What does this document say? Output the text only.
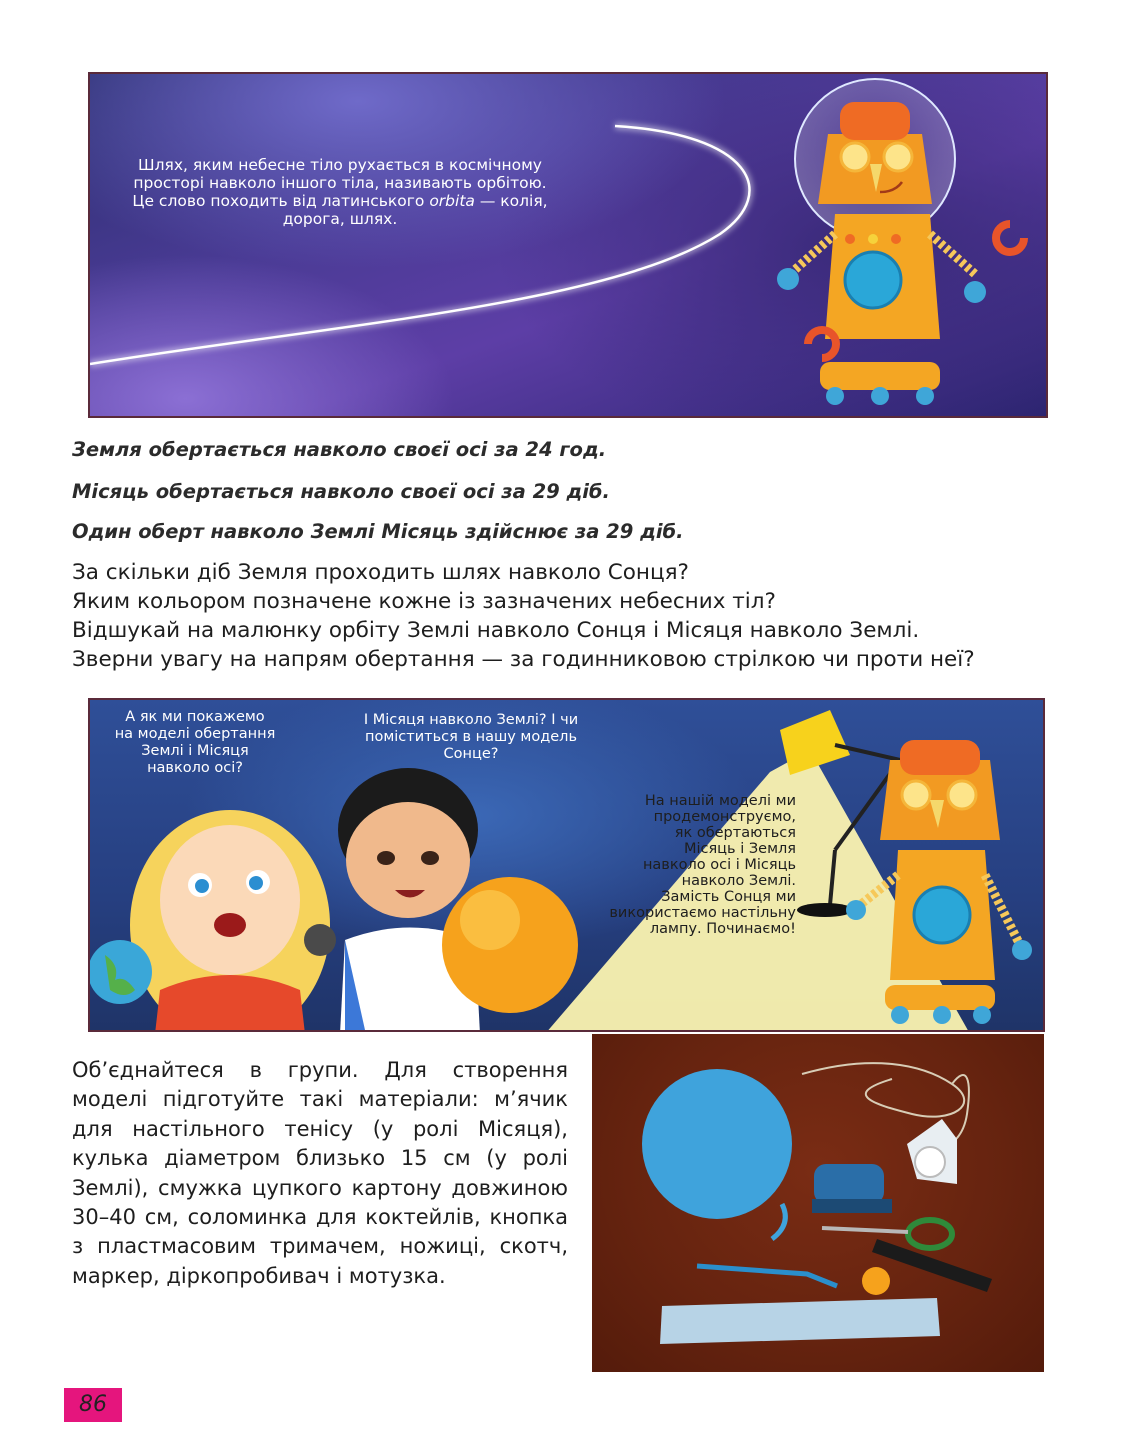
Шлях, яким небесне тіло рухається в космічному
просторі навколо іншого тіла, називають орбітою.
Це слово походить від латинського orbita — колія,
дорога, шлях.
Земля обертається навколо своєї осі за 24 год.
Місяць обертається навколо своєї осі за 29 діб.
Один оберт навколо Землі Місяць здійснює за 29 діб.
За скільки діб Земля проходить шлях навколо Сонця?
Яким кольором позначене кожне із зазначених небесних тіл?
Відшукай на малюнку орбіту Землі навколо Сонця і Місяця навколо Землі.
Зверни увагу на напрям обертання — за годинниковою стрілкою чи проти неї?
А як ми покажемо
на моделі обертання
Землі і Місяця
навколо осі?
І Місяця навколо Землі? І чи
поміститься в нашу модель
Сонце?
На нашій моделі ми
продемонструємо,
як обертаються
Місяць і Земля
навколо осі і Місяць
навколо Землі.
Замість Сонця ми
використаємо настільну
лампу. Починаємо!
Об’єднайтеся в групи. Для створення моделі підготуйте такі матеріали: м’ячик для настільного тенісу (у ролі Місяця), кулька діаметром близько 15 см (у ролі Землі), смужка цупкого картону довжиною 30–40 см, соломинка для коктейлів, кнопка з пластмасовим тримачем, ножиці, скотч, маркер, діркопробивач і мотузка.
86
